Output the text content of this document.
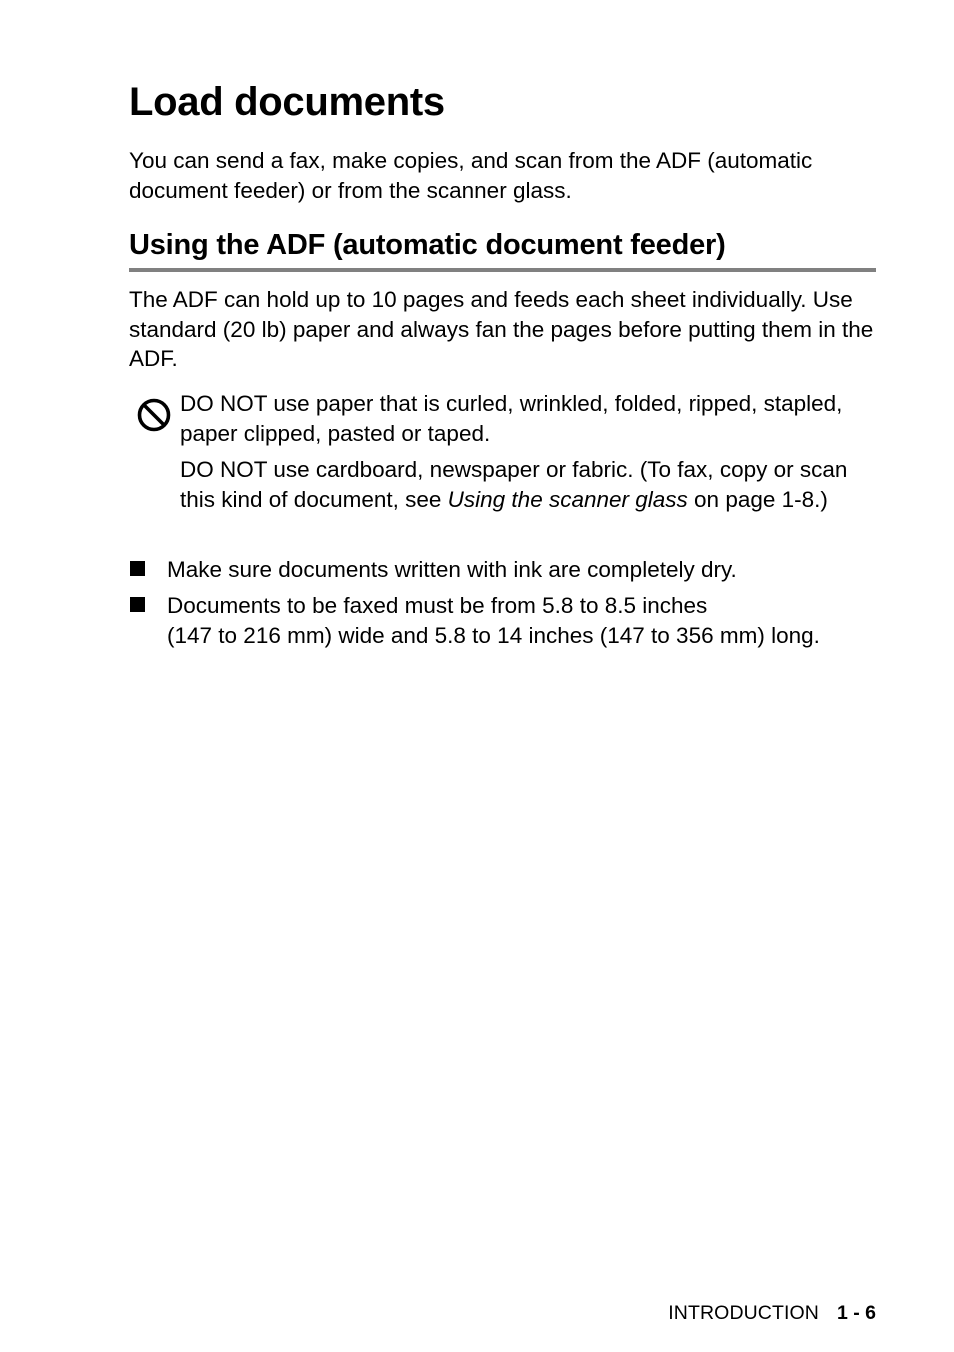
Load documents

You can send a fax, make copies, and scan from the ADF (automatic document feeder) or from the scanner glass.

Using the ADF (automatic document feeder)

The ADF can hold up to 10 pages and feeds each sheet individually. Use standard (20 lb) paper and always fan the pages before putting them in the ADF.

DO NOT use paper that is curled, wrinkled, folded, ripped, stapled, paper clipped, pasted or taped.

DO NOT use cardboard, newspaper or fabric. (To fax, copy or scan this kind of document, see Using the scanner glass on page 1-8.)

Make sure documents written with ink are completely dry.

Documents to be faxed must be from 5.8 to 8.5 inches
(147 to 216 mm) wide and 5.8 to 14 inches (147 to 356 mm) long.

INTRODUCTION 1 - 6
